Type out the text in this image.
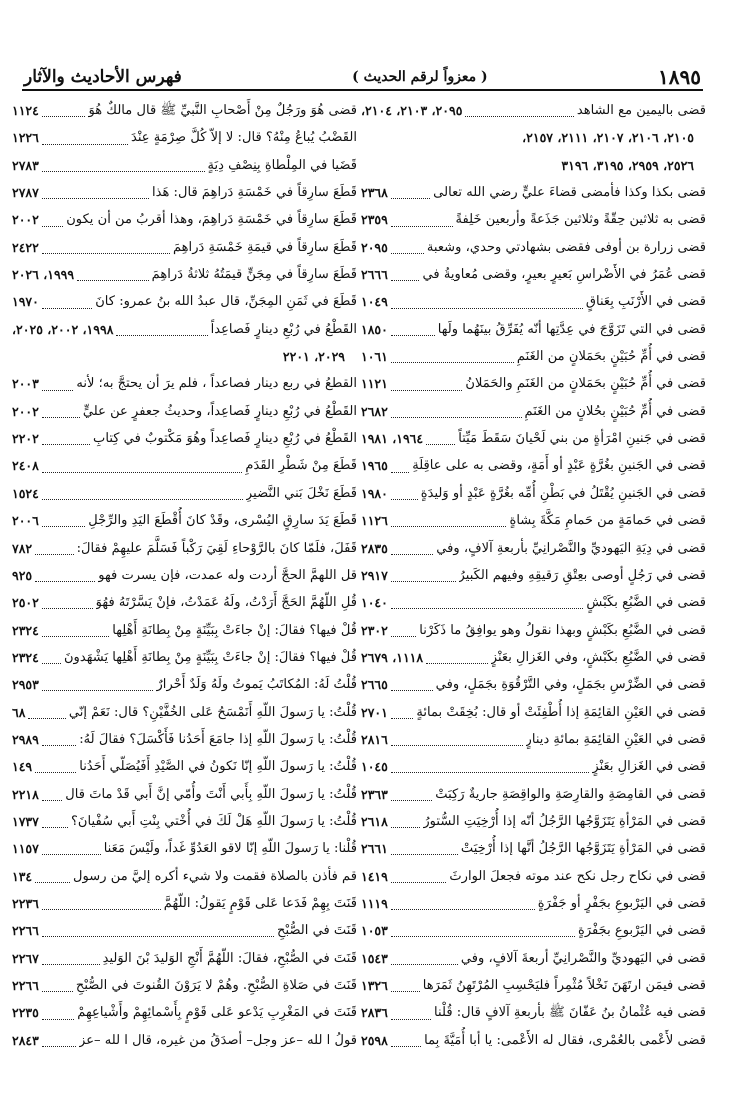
١٨٩٥
( معزواً لرقم الحديث )
فهرس الأحاديث والآثار
قضى باليمين مع الشاهد
٢٠٩٥، ٢١٠٣، ٢١٠٤،
٢١٠٥، ٢١٠٦، ٢١٠٧، ٢١١١، ٢١٥٧،
٢٥٢٦، ٢٩٥٩، ٣١٩٥، ٣١٩٦
قضى بكذا وكذا فأمضى قضاءَ عليٍّ رضي الله تعالى
٢٣٦٨
قضى به ثلاثين حِقّةً وثلاثين جَذَعةً وأربعين خَلِفةً
٢٣٥٩
قضى زرارة بن أوفى فقضى بشهادتي وحدي، وشعبة
٢٠٩٥
قضى عُمَرُ في الأَضْراسِ بَعيرٍ بعيرٍ، وقضى مُعاويةُ في
٢٦٦٦
قضى في الأَرْنَبِ بِعَناقٍ
١٠٤٩
قضى في التي تَزَوَّجَ في عِدَّتِها أنّه يُفَرِّقُ بينَهُما ولَها
١٨٥٠
قضى في أُمِّ حُبَيْنٍ بحَمَلانٍ من الغَنَمِ
١٠٦١
قضى في أُمِّ حُبَيْنٍ بحَمَلانٍ من الغَنَمِ والحَمَلانُ
١١٢١
قضى في أُمِّ حُبَيْنٍ بحُلانٍ من الغَنَمِ
٢٦٨٢
قضى في جَنينِ امْرَأةٍ من بني لَحْيانَ سَقَطَ مَيِّتاً
١٩٦٤، ١٩٨١
قضى في الجَنينِ بغُرَّةٍ عَبْدٍ أو أَمَةٍ، وقضى به على عاقِلَةِ
١٩٦٥
قضى في الجَنينِ يُقْتَلُ في بَطْنِ أُمِّه بغُرَّةٍ عَبْدٍ أو وَليدَةٍ
١٩٨٠
قضى في حَمامَةٍ من حَمامِ مَكَّةَ بِشاةٍ
١١٢٦
قضى في دِيَةِ اليَهوديِّ والنَّصْرانِيِّ بأربعةِ آلافٍ، وفي
٢٨٣٥
قضى في رَجُلٍ أوصى بعِتْقِ رَقيقِهِ وفيهم الكَبيرُ
٢٩١٧
قضى في الضَّبُعِ بكَبْشٍ
١٠٤٠
قضى في الضَّبُعِ بكَبْشٍ وبهذا نقولُ وهو يوافِقُ ما ذَكَرْنا
٢٣٠٢
قضى في الضَّبُعِ بكَبْشٍ، وفي الغَزالِ بعَنْزٍ
١١١٨، ٢٦٧٩
قضى في الضِّرْسِ بجَمَلٍ، وفي التَّرْقُوَةِ بجَمَلٍ، وفي
٢٦٦٥
قضى في العَيْنِ القائِمَةِ إذا أُطْفِئَتْ أو قال: بُخِقَتْ بمائةٍ
٢٧٠١
قضى في العَيْنِ القائِمَةِ بمائةِ دينارٍ
٢٨١٦
قضى في الغَزالِ بعَنْزٍ
١٠٤٥
قضى في القامِصَةِ والقارِصَةِ والواقِصَةِ جاريةٌ رَكِبَتْ
٢٣٦٣
قضى في المَرْأةِ يَتَزَوَّجُها الرَّجُلُ أنّه إذا أُرْخِيَتِ السُّتورُ
٢٦١٨
قضى في المَرْأةِ يَتَزَوَّجُها الرَّجُلُ أنَّها إذا أُرْخِيَتْ
٢٦٦١
قضى في نكاح رجل نكح عند موته فجعلَ الوارثَ
١٤١٩
قضى في اليَرْبوعِ بجَفْرٍ أو جَفْرَةٍ
١١١٩
قضى في اليَرْبوعِ بجَفْرَةٍ
١٠٥٣
قضى في اليَهوديِّ والنَّصْرانِيِّ أربعةَ آلافٍ، وفي
١٥٤٣
قضى فيمَن ارتَهَنَ نَخْلاً مُثْمِراً فليَحْسِبِ المُرْتَهِنُ ثَمَرَها
١٣٢٦
قضى فيه عُثْمانُ بنُ عَفّانَ ﷺ بأربعةِ آلافٍ قال: قُلْنا
٢٨٣٦
قضى لأَعْمى بالعُمْرى، فقال له الأَعْمى: يا أبا أُمَيَّةَ بِما
٢٥٩٨
قضى هُوَ ورَجُلٌ مِنْ أَصْحابِ النَّبيِّ ﷺ قال مالكٌ هُوَ
١١٢٤
القَضْبُ يُباعُ مِنْهُ؟ قال: لا إلاّ كُلَّ صِرْمَةٍ عِنْدَ
١٢٢٦
قَضَيا في المِلْطاةِ بِنِصْفِ دِيَةٍ
٢٧٨٣
قَطَعَ سارِقاً في خَمْسَةِ دَراهِمَ قال: هَذا
٢٧٨٧
قَطَعَ سارِقاً في خَمْسَةِ دَراهِمَ، وهذا أقربُ من أن يكون
٢٠٠٢
قَطَعَ سارِقاً في قيمَةِ خَمْسَةِ دَراهِمَ
٢٤٢٢
قَطَعَ سارِقاً في مِجَنٍّ قيمَتُهُ ثلاثةُ دَراهِمَ
١٩٩٩، ٢٠٢٦
قَطَعَ في ثَمَنِ المِجَنِّ، قال عبدُ الله بنُ عمرو: كانَ
١٩٧٠
القَطْعُ في رُبْعِ دينارٍ فَصاعِداً
١٩٩٨، ٢٠٠٢، ٢٠٢٥،
٢٠٢٩، ٢٢٠١
القطعُ في ربع دينار فصاعداً ، فلم يرَ أن يحتجَّ به؛ لأنه
٢٠٠٣
القَطْعُ في رُبْعِ دينارٍ فَصاعِداً، وحديثُ جعفرٍ عن عليٍّ
٢٠٠٢
القَطْعُ في رُبْعِ دينارٍ فَصاعِداً وهُوَ مَكْتوبٌ في كِتابِ
٢٢٠٢
قَطَعَ مِنْ شَطْرِ القَدَمِ
٢٤٠٨
قَطَعَ نَخْلَ بَني النَّضيرِ
١٥٢٤
قَطَعَ يَدَ سارِقٍ اليُسْرى، وقَدْ كانَ أُقْطَعَ اليَدِ والرِّجْلِ
٢٠٠٦
قَفَلَ، فلَمّا كانَ بالرَّوْحاءِ لَقِيَ رَكْباً فَسَلَّمَ عليهِمْ فقالَ:
٧٨٢
قل اللهمَّ الحجَّ أردت وله عمدت، فإن يسرت فهو
٩٢٥
قُلِ اللّهُمَّ الحَجَّ أَرَدْتُ، ولَهُ عَمَدْتُ، فإنْ يَسَّرْتَهُ فهُوَ
٢٥٠٢
قُلْ فيها؟ فقالَ: إنْ جاءَتْ بِبَيِّنَةٍ مِنْ بِطانَةِ أَهْلِها
٢٣٢٤
قُلْ فيها؟ فقالَ: إنْ جاءَتْ بِبَيِّنَةٍ مِنْ بِطانَةِ أَهْلِها يَشْهَدونَ
٢٣٢٤
قُلْتُ لَهُ: المُكاتَبُ يَموتُ ولَهُ وَلَدٌ أَحْرارٌ
٢٩٥٣
قُلْتُ: يا رَسولَ اللّهِ أَنَمْسَحُ عَلى الخُفَّيْنِ؟ قال: نَعَمْ إنّي
٦٨
قُلْتُ: يا رَسولَ اللّهِ إذا جامَعَ أَحَدُنا فَأَكْسَلَ؟ فقالَ لَهُ:
٢٩٨٩
قُلْتُ: يا رَسولَ اللّهِ إنّا نَكونُ في الصَّيْدِ أَفَيُصَلّي أَحَدُنا
١٤٩
قُلْتُ: يا رَسولَ اللّهِ بِأَبي أَنْتَ وأُمّي إنَّ أَبي قَدْ ماتَ قال
٢٢١٨
قُلْتُ: يا رَسولَ اللّهِ هَلْ لَكَ في أُخْتي بِنْتِ أَبي سُفْيانَ؟
١٧٣٧
قُلْنا: يا رَسولَ اللّهِ إنّا لاقو العَدُوِّ غَداً، ولَيْسَ مَعَنا
١١٥٧
قم فأذن بالصلاة فقمت ولا شيء أكره إليَّ من رسول
١٣٤
قَنَتَ بِهِمْ فَدَعا عَلى قَوْمٍ يَقولُ: اللّهُمَّ
٢٢٣٦
قَنَتَ في الصُّبْحِ
٢٢٦٦
قَنَتَ في الصُّبْحِ، فقالَ: اللّهُمَّ أَنْجِ الوَليدَ بْنَ الوَليدِ
٢٢٦٧
قَنَتَ في صَلاةِ الصُّبْحِ. وهُمْ لا يَرَوْنَ القُنوتَ في الصُّبْحِ
٢٢٦٦
قَنَتَ في المَغْرِبِ يَدْعو عَلى قَوْمٍ بِأَسْمائِهِمْ وأَشْياعِهِمْ
٢٢٣٥
قولُ ا لله –عز وجل– أصدَقُ من غيره، قال ا لله –عز
٢٨٤٣
